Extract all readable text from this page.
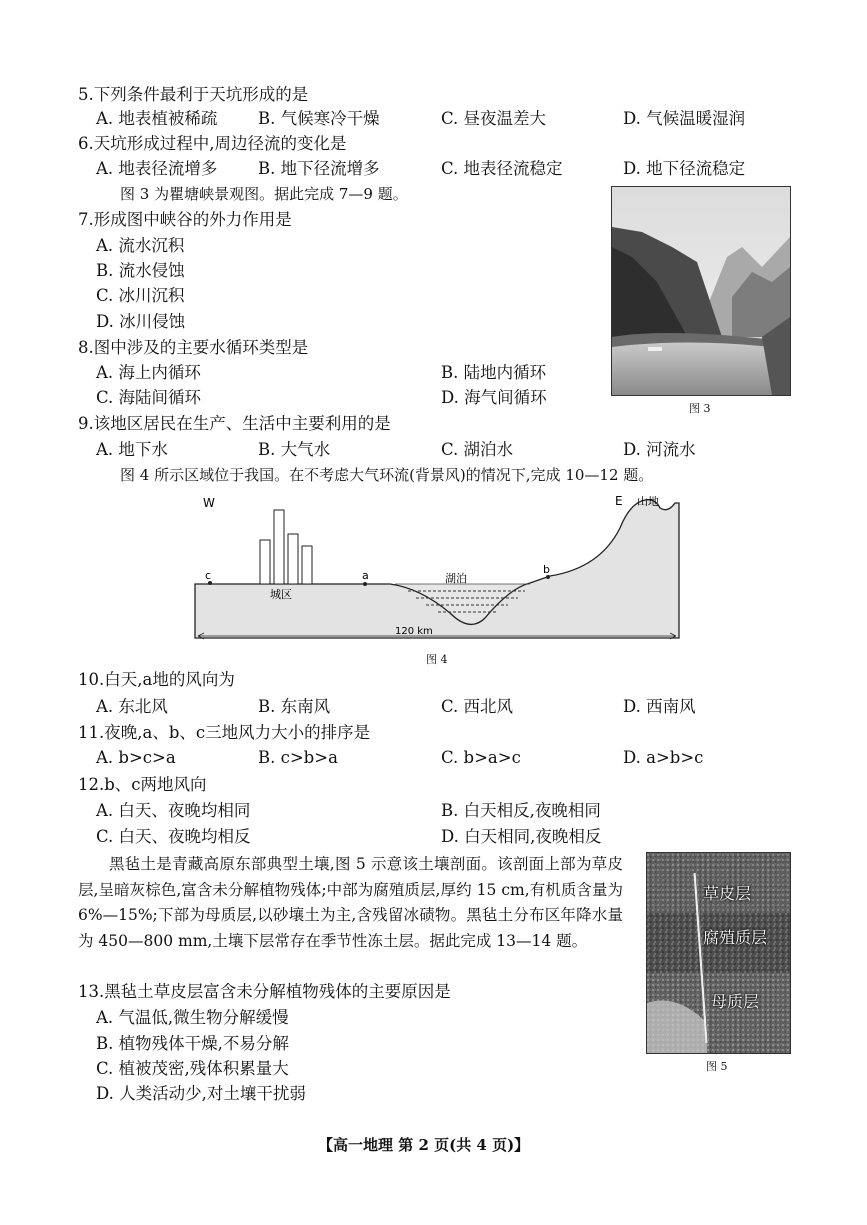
5.下列条件最利于天坑形成的是
A. 地表植被稀疏 B. 气候寒冷干燥	C. 昼夜温差大	D. 气候温暖湿润
6.天坑形成过程中,周边径流的变化是
A. 地表径流增多 B. 地下径流增多	C. 地表径流稳定	D. 地下径流稳定
图 3 为瞿塘峡景观图。据此完成 7—9 题。
7.形成图中峡谷的外力作用是
A. 流水沉积
B. 流水侵蚀
C. 冰川沉积
D. 冰川侵蚀
8.图中涉及的主要水循环类型是
A. 海上内循环	B. 陆地内循环
C. 海陆间循环	D. 海气间循环
图 3
9.该地区居民在生产、生活中主要利用的是
A. 地下水	B. 大气水	C. 湖泊水	D. 河流水
图 4 所示区域位于我国。在不考虑大气环流(背景风)的情况下,完成 10—12 题。
W	E 山地
城区
湖泊
c	a	b
120 km
图 4
10.白天,a地的风向为
A. 东北风	B. 东南风	C. 西北风	D. 西南风
11.夜晚,a、b、c三地风力大小的排序是
A. b>c>a	B. c>b>a	C. b>a>c	D. a>b>c
12.b、c两地风向
A. 白天、夜晚均相同	B. 白天相反,夜晚相同
C. 白天、夜晚均相反	D. 白天相同,夜晚相反
黑毡土是青藏高原东部典型土壤,图 5 示意该土壤剖面。该剖面上部为草皮层,呈暗灰棕色,富含未分解植物残体;中部为腐殖质层,厚约 15 cm,有机质含量为 6%—15%;下部为母质层,以砂壤土为主,含残留冰碛物。黑毡土分布区年降水量为 450—800 mm,土壤下层常存在季节性冻土层。据此完成 13—14 题。
草皮层
腐殖质层
母质层
图 5
13.黑毡土草皮层富含未分解植物残体的主要原因是
A. 气温低,微生物分解缓慢
B. 植物残体干燥,不易分解
C. 植被茂密,残体积累量大
D. 人类活动少,对土壤干扰弱
【高一地理 第 2 页(共 4 页)】
